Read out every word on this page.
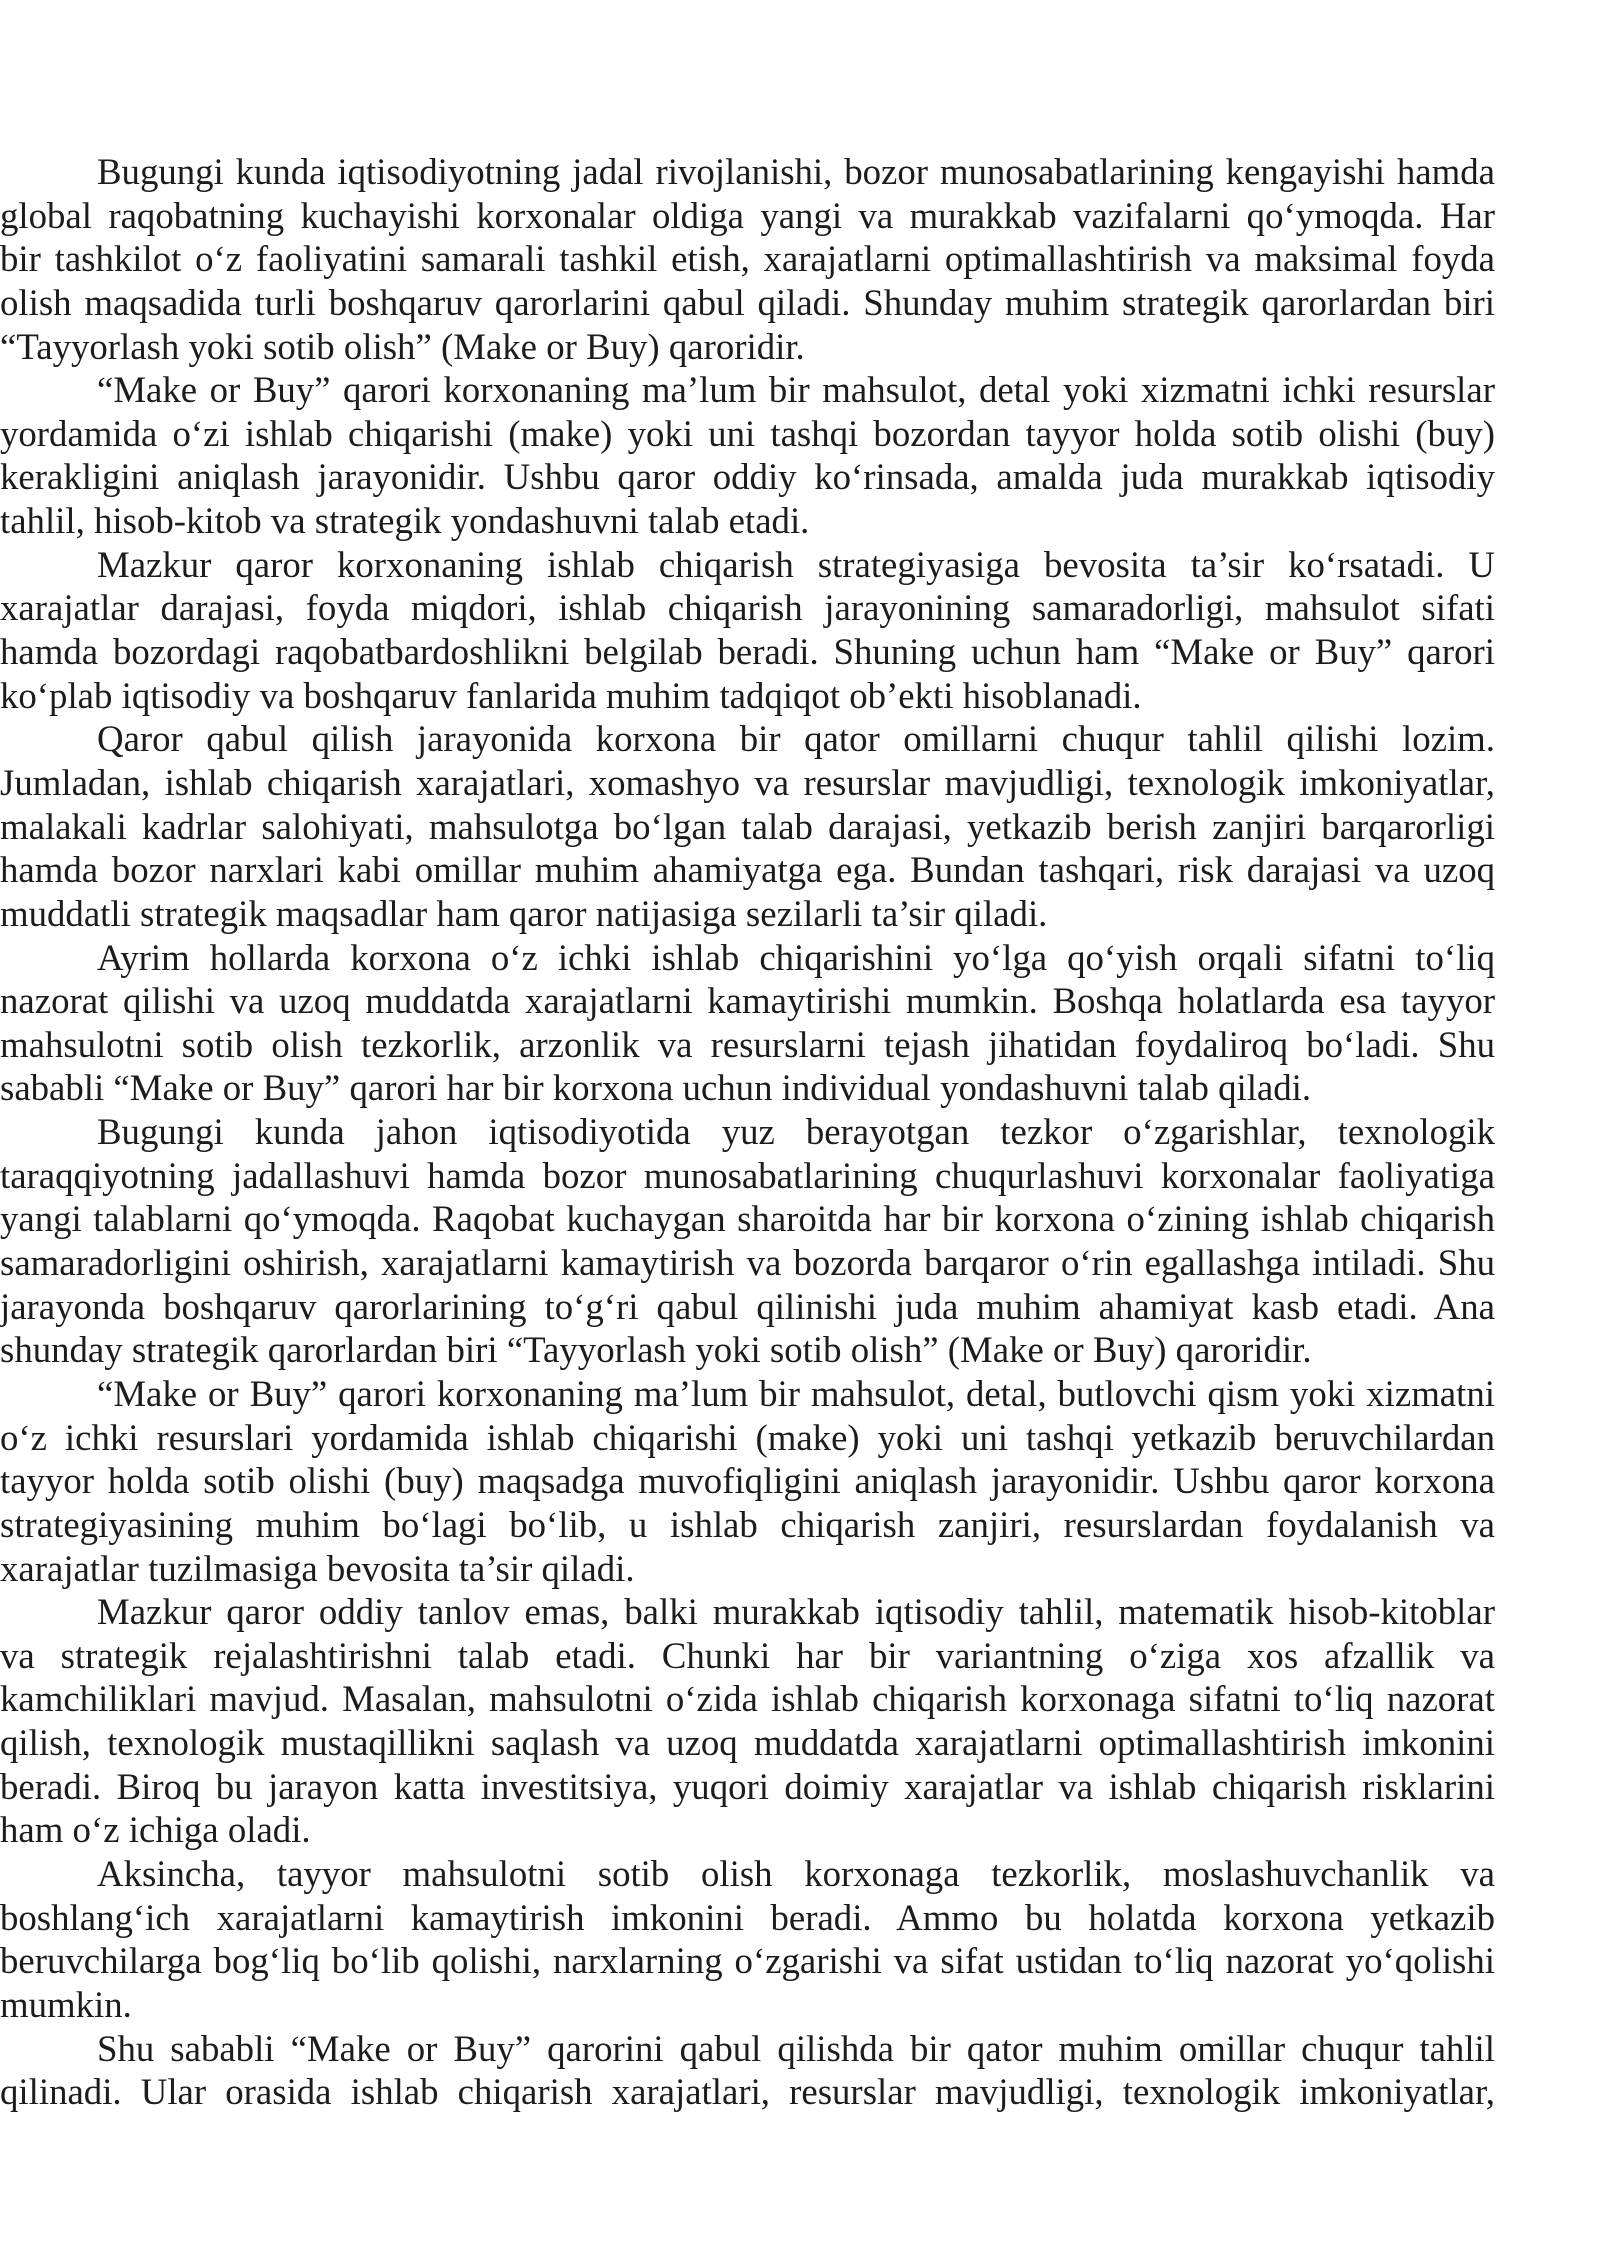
Bugungi kunda iqtisodiyotning jadal rivojlanishi, bozor munosabatlarining kengayishi hamda
global raqobatning kuchayishi korxonalar oldiga yangi va murakkab vazifalarni qo‘ymoqda. Har
bir tashkilot o‘z faoliyatini samarali tashkil etish, xarajatlarni optimallashtirish va maksimal foyda
olish maqsadida turli boshqaruv qarorlarini qabul qiladi. Shunday muhim strategik qarorlardan biri
“Tayyorlash yoki sotib olish” (Make or Buy) qaroridir.
“Make or Buy” qarori korxonaning ma’lum bir mahsulot, detal yoki xizmatni ichki resurslar
yordamida o‘zi ishlab chiqarishi (make) yoki uni tashqi bozordan tayyor holda sotib olishi (buy)
kerakligini aniqlash jarayonidir. Ushbu qaror oddiy ko‘rinsada, amalda juda murakkab iqtisodiy
tahlil, hisob-kitob va strategik yondashuvni talab etadi.
Mazkur qaror korxonaning ishlab chiqarish strategiyasiga bevosita ta’sir ko‘rsatadi. U
xarajatlar darajasi, foyda miqdori, ishlab chiqarish jarayonining samaradorligi, mahsulot sifati
hamda bozordagi raqobatbardoshlikni belgilab beradi. Shuning uchun ham “Make or Buy” qarori
ko‘plab iqtisodiy va boshqaruv fanlarida muhim tadqiqot ob’ekti hisoblanadi.
Qaror qabul qilish jarayonida korxona bir qator omillarni chuqur tahlil qilishi lozim.
Jumladan, ishlab chiqarish xarajatlari, xomashyo va resurslar mavjudligi, texnologik imkoniyatlar,
malakali kadrlar salohiyati, mahsulotga bo‘lgan talab darajasi, yetkazib berish zanjiri barqarorligi
hamda bozor narxlari kabi omillar muhim ahamiyatga ega. Bundan tashqari, risk darajasi va uzoq
muddatli strategik maqsadlar ham qaror natijasiga sezilarli ta’sir qiladi.
Ayrim hollarda korxona o‘z ichki ishlab chiqarishini yo‘lga qo‘yish orqali sifatni to‘liq
nazorat qilishi va uzoq muddatda xarajatlarni kamaytirishi mumkin. Boshqa holatlarda esa tayyor
mahsulotni sotib olish tezkorlik, arzonlik va resurslarni tejash jihatidan foydaliroq bo‘ladi. Shu
sababli “Make or Buy” qarori har bir korxona uchun individual yondashuvni talab qiladi.
Bugungi kunda jahon iqtisodiyotida yuz berayotgan tezkor o‘zgarishlar, texnologik
taraqqiyotning jadallashuvi hamda bozor munosabatlarining chuqurlashuvi korxonalar faoliyatiga
yangi talablarni qo‘ymoqda. Raqobat kuchaygan sharoitda har bir korxona o‘zining ishlab chiqarish
samaradorligini oshirish, xarajatlarni kamaytirish va bozorda barqaror o‘rin egallashga intiladi. Shu
jarayonda boshqaruv qarorlarining to‘g‘ri qabul qilinishi juda muhim ahamiyat kasb etadi. Ana
shunday strategik qarorlardan biri “Tayyorlash yoki sotib olish” (Make or Buy) qaroridir.
“Make or Buy” qarori korxonaning ma’lum bir mahsulot, detal, butlovchi qism yoki xizmatni
o‘z ichki resurslari yordamida ishlab chiqarishi (make) yoki uni tashqi yetkazib beruvchilardan
tayyor holda sotib olishi (buy) maqsadga muvofiqligini aniqlash jarayonidir. Ushbu qaror korxona
strategiyasining muhim bo‘lagi bo‘lib, u ishlab chiqarish zanjiri, resurslardan foydalanish va
xarajatlar tuzilmasiga bevosita ta’sir qiladi.
Mazkur qaror oddiy tanlov emas, balki murakkab iqtisodiy tahlil, matematik hisob-kitoblar
va strategik rejalashtirishni talab etadi. Chunki har bir variantning o‘ziga xos afzallik va
kamchiliklari mavjud. Masalan, mahsulotni o‘zida ishlab chiqarish korxonaga sifatni to‘liq nazorat
qilish, texnologik mustaqillikni saqlash va uzoq muddatda xarajatlarni optimallashtirish imkonini
beradi. Biroq bu jarayon katta investitsiya, yuqori doimiy xarajatlar va ishlab chiqarish risklarini
ham o‘z ichiga oladi.
Aksincha, tayyor mahsulotni sotib olish korxonaga tezkorlik, moslashuvchanlik va
boshlang‘ich xarajatlarni kamaytirish imkonini beradi. Ammo bu holatda korxona yetkazib
beruvchilarga bog‘liq bo‘lib qolishi, narxlarning o‘zgarishi va sifat ustidan to‘liq nazorat yo‘qolishi
mumkin.
Shu sababli “Make or Buy” qarorini qabul qilishda bir qator muhim omillar chuqur tahlil
qilinadi. Ular orasida ishlab chiqarish xarajatlari, resurslar mavjudligi, texnologik imkoniyatlar,
